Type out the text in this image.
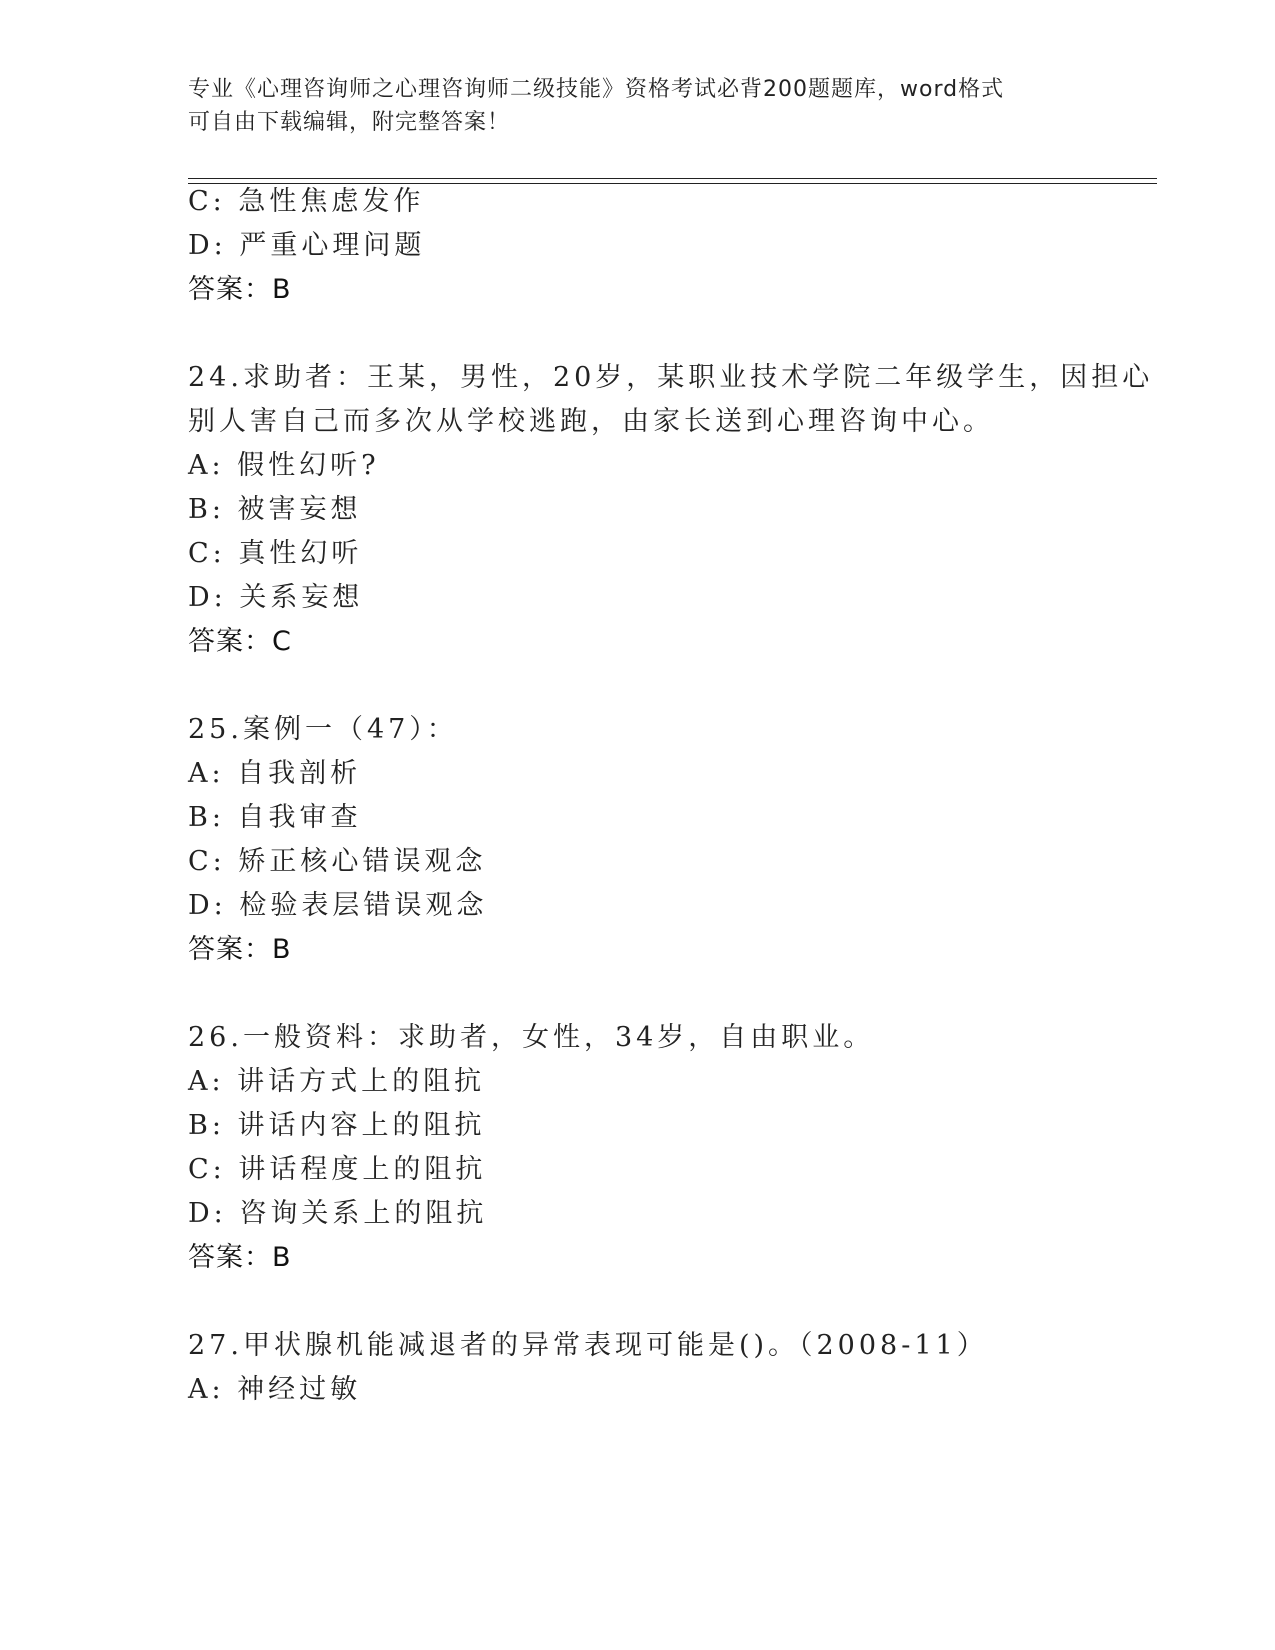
专业《心理咨询师之心理咨询师二级技能》资格考试必背200题题库，word格式
可自由下载编辑，附完整答案！
C: 急性焦虑发作
D: 严重心理问题
答案：B
24.求助者：王某，男性，20岁，某职业技术学院二年级学生，因担心
别人害自己而多次从学校逃跑，由家长送到心理咨询中心。
A: 假性幻听?
B: 被害妄想
C: 真性幻听
D: 关系妄想
答案：C
25.案例一（47）：
A: 自我剖析
B: 自我审查
C: 矫正核心错误观念
D: 检验表层错误观念
答案：B
26.一般资料：求助者，女性，34岁，自由职业。
A: 讲话方式上的阻抗
B: 讲话内容上的阻抗
C: 讲话程度上的阻抗
D: 咨询关系上的阻抗
答案：B
27.甲状腺机能减退者的异常表现可能是()。（2008-11）
A: 神经过敏
